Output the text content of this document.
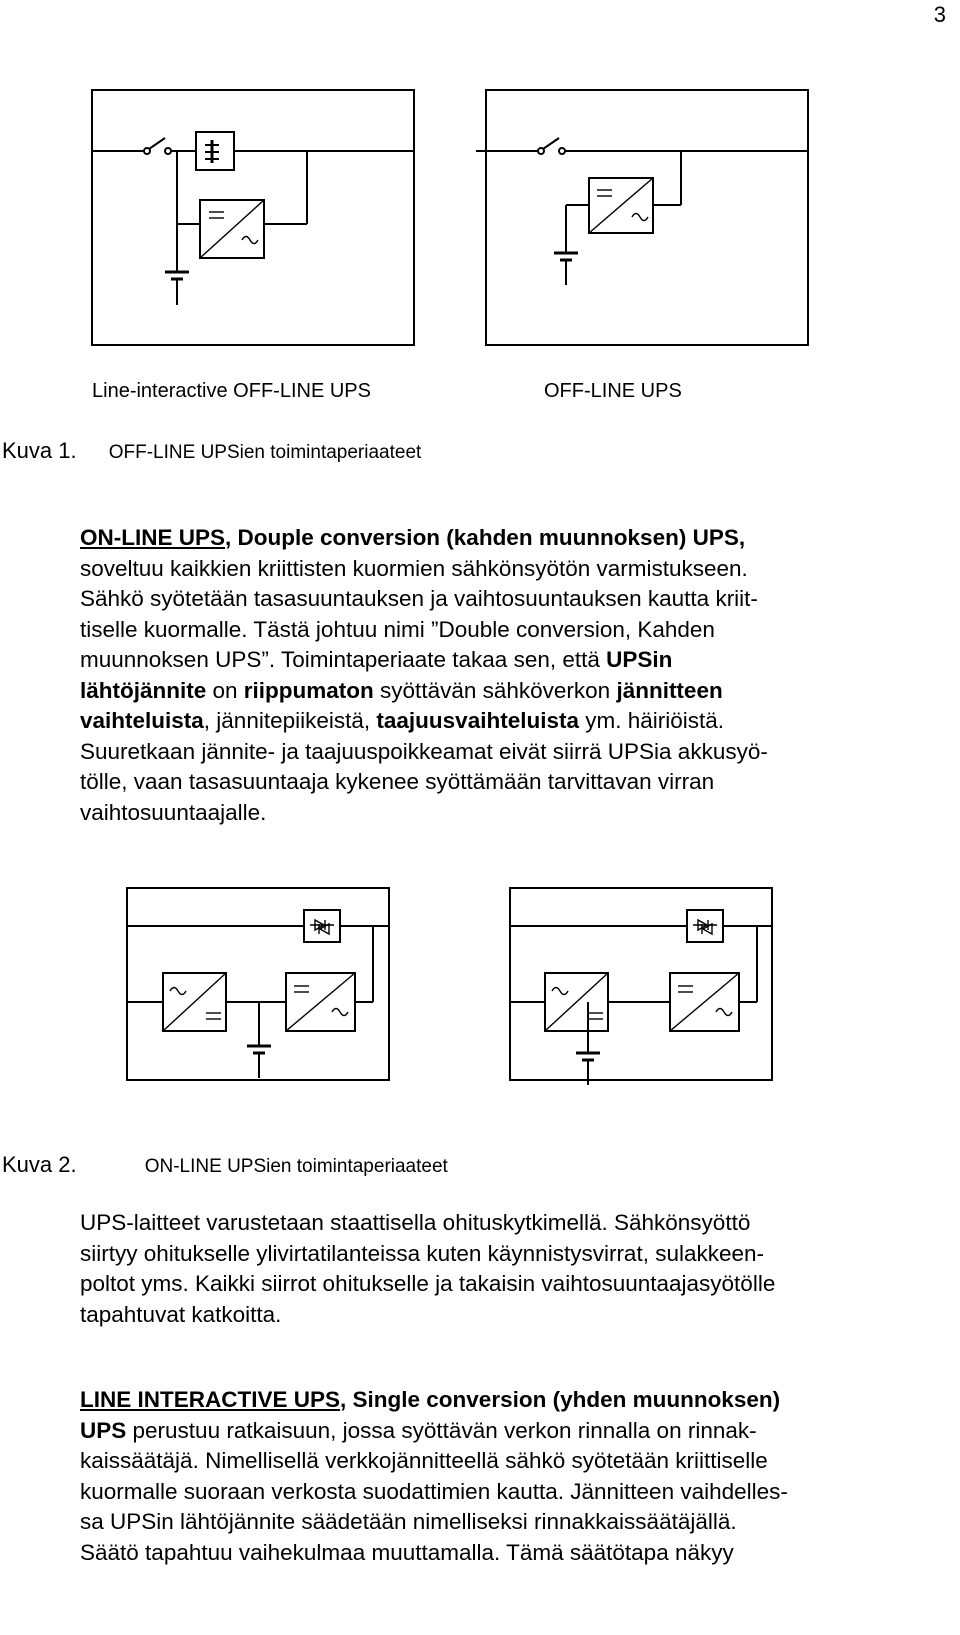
3
Line-interactive OFF-LINE UPS	OFF-LINE UPS
Kuva 1. OFF-LINE UPSien toimintaperiaateet

ON-LINE UPS, Douple conversion (kahden muunnoksen) UPS,

soveltuu kaikkien kriittisten kuormien sähkönsyötön varmistukseen.

Sähkö syötetään tasasuuntauksen ja vaihtosuuntauksen kautta kriit-

tiselle kuormalle. Tästä johtuu nimi ”Double conversion, Kahden

muunnoksen UPS”. Toimintaperiaate takaa sen, että UPSin

lähtöjännite on riippumaton syöttävän sähköverkon jännitteen

vaihteluista, jännitepiikeistä, taajuusvaihteluista ym. häiriöistä.

Suuretkaan jännite- ja taajuuspoikkeamat eivät siirrä UPSia akkusyö-

tölle, vaan tasasuuntaaja kykenee syöttämään tarvittavan virran

vaihtosuuntaajalle.

Kuva 2.	ON-LINE UPSien toimintaperiaateet

UPS-laitteet varustetaan staattisella ohituskytkimellä. Sähkönsyöttö

siirtyy ohitukselle ylivirtatilanteissa kuten käynnistysvirrat, sulakkeen-

poltot yms. Kaikki siirrot ohitukselle ja takaisin vaihtosuuntaajasyötölle

tapahtuvat katkoitta.

LINE INTERACTIVE UPS, Single conversion (yhden muunnoksen)

UPS perustuu ratkaisuun, jossa syöttävän verkon rinnalla on rinnak-

kaissäätäjä. Nimellisellä verkkojännitteellä sähkö syötetään kriittiselle

kuormalle suoraan verkosta suodattimien kautta. Jännitteen vaihdelles-

sa UPSin lähtöjännite säädetään nimelliseksi rinnakkaissäätäjällä.

Säätö tapahtuu vaihekulmaa muuttamalla. Tämä säätötapa näkyy
